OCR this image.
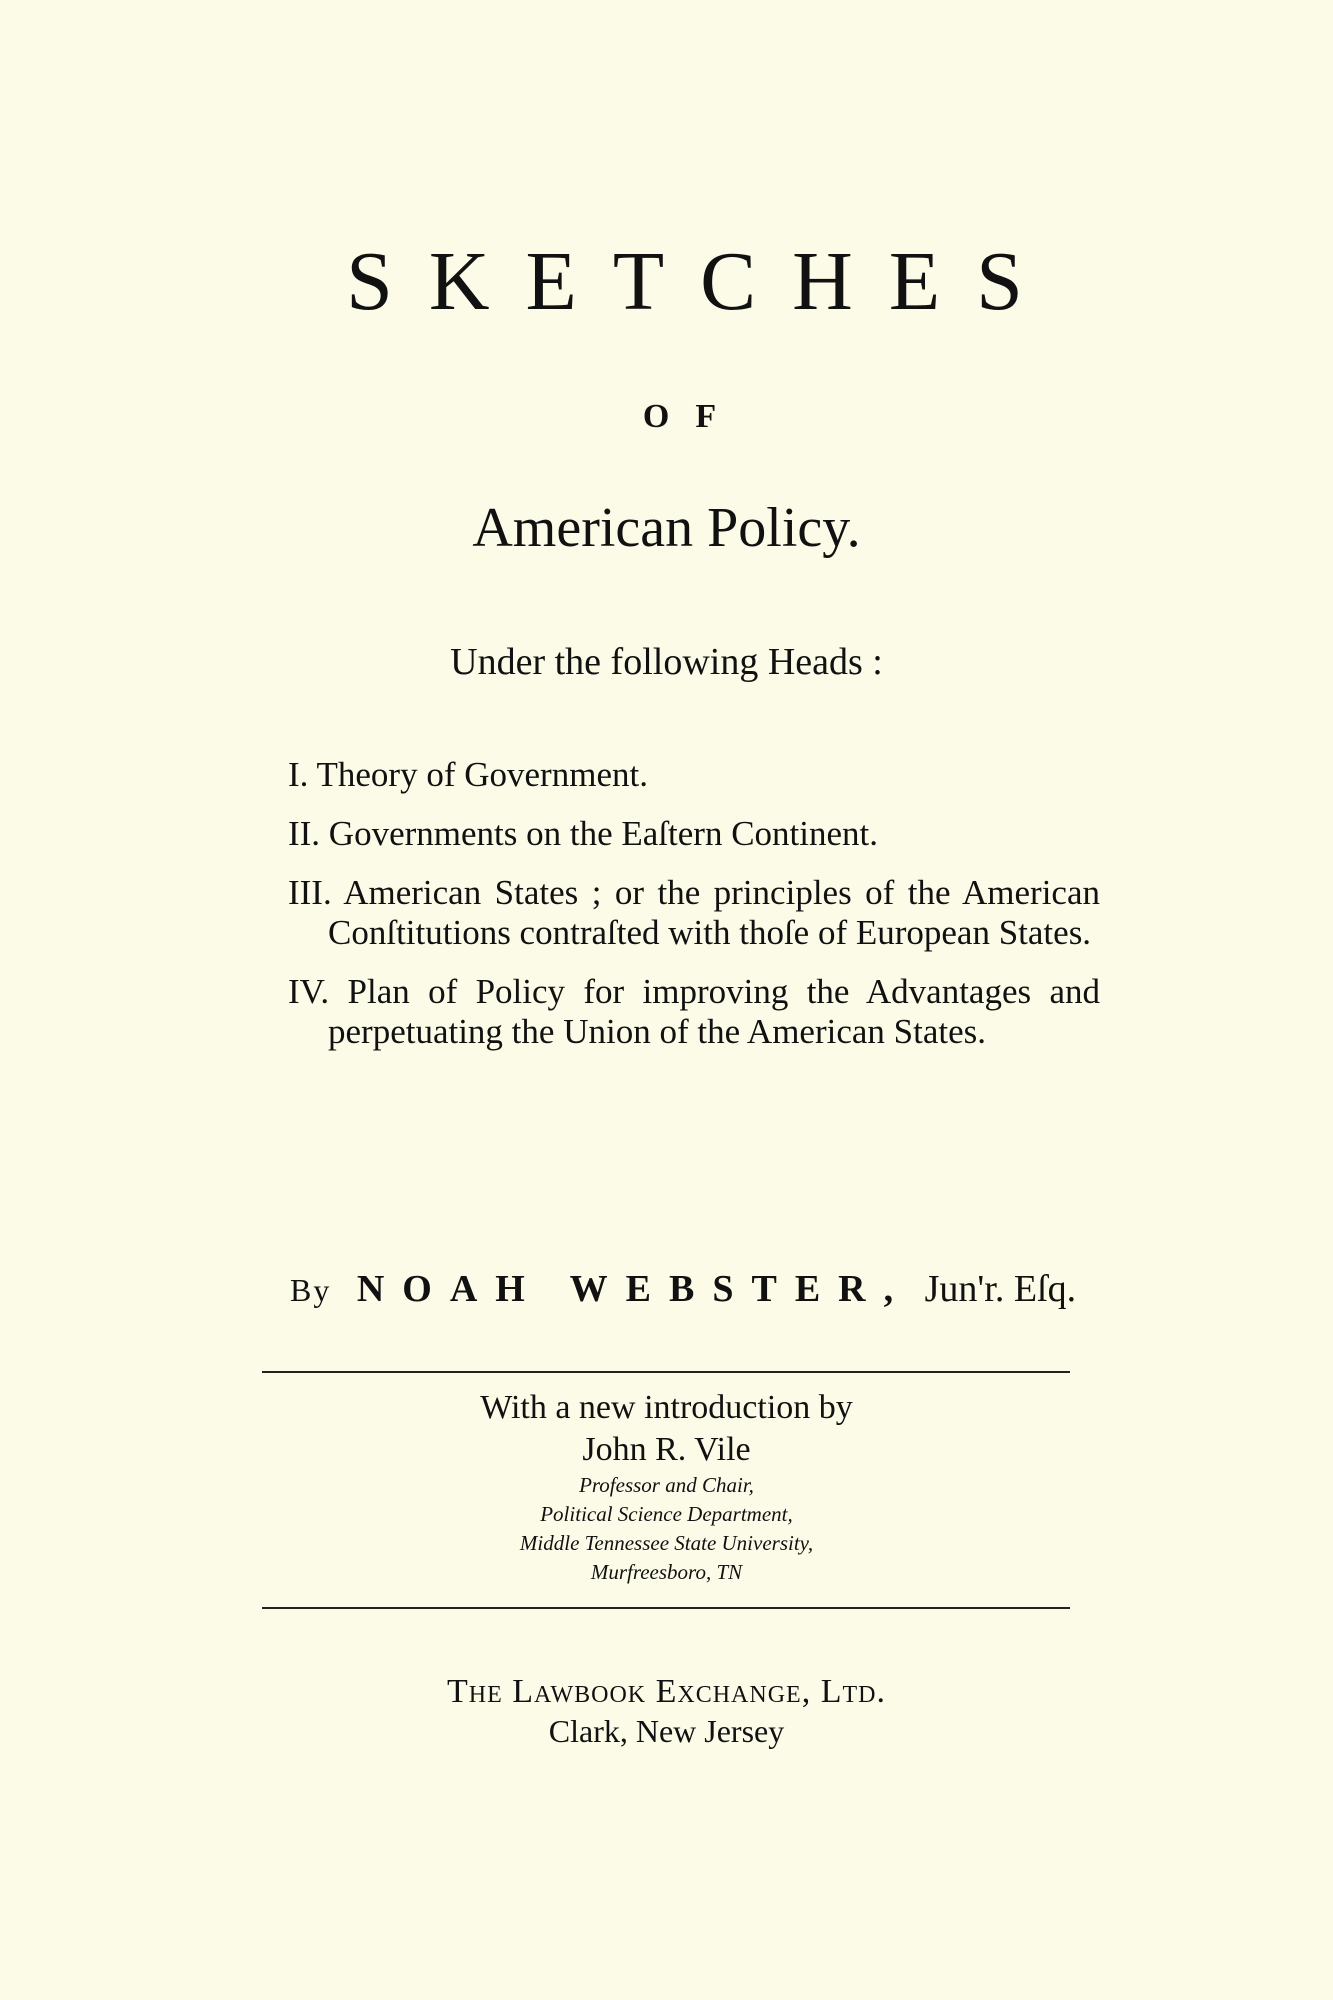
SKETCHES
OF
American Policy.
Under the following Heads :
I. Theory of Government.
II. Governments on the Eaſtern Continent.
III. American States ; or the principles of the American Conſtitutions contraſted with thoſe of European States.
IV. Plan of Policy for improving the Advantages and perpetuating the Union of the American States.
By NOAH WEBSTER, Jun'r. Eſq.
With a new introduction by
John R. Vile
Professor and Chair,
Political Science Department,
Middle Tennessee State University,
Murfreesboro, TN
The Lawbook Exchange, Ltd.
Clark, New Jersey
